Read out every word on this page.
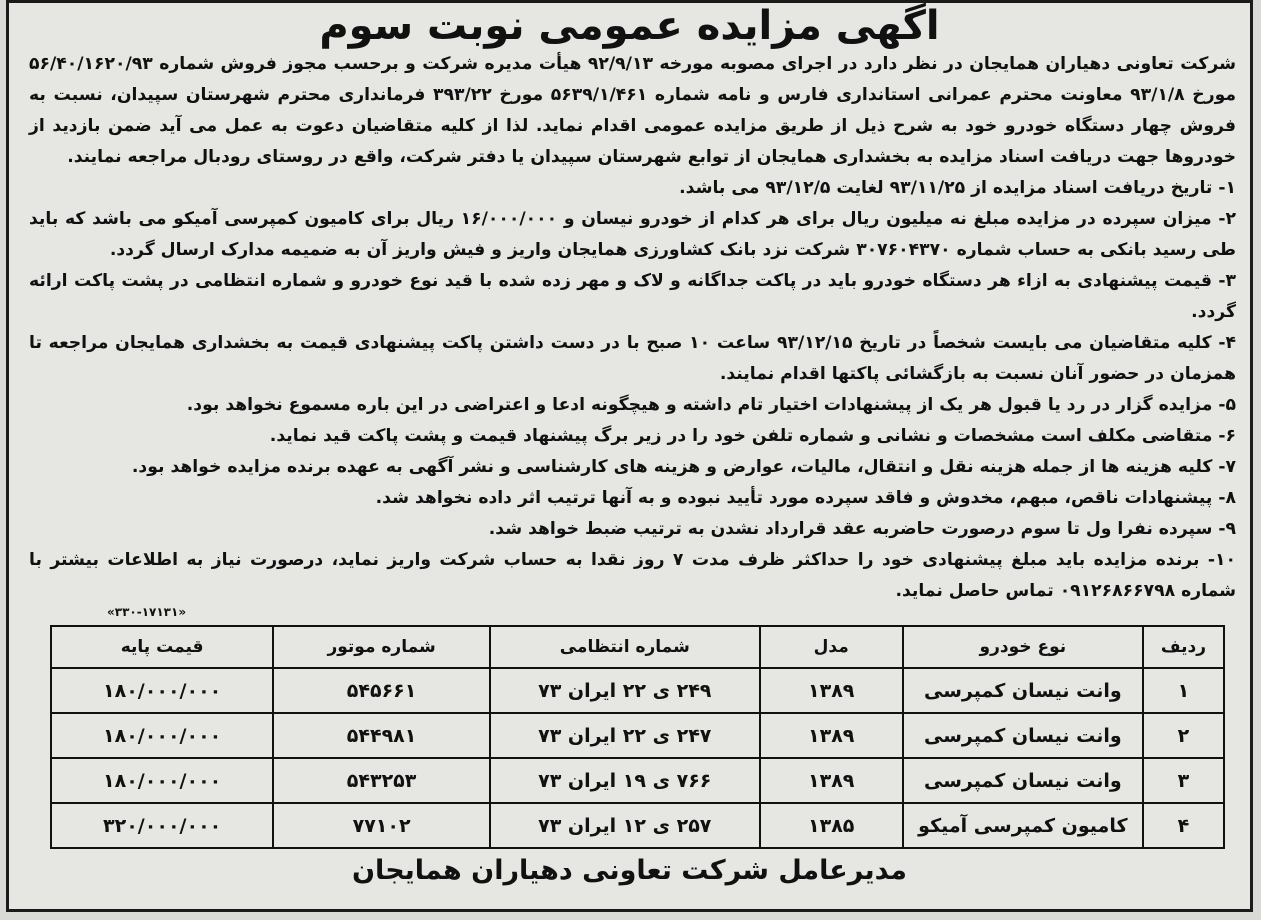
اگهی مزایده عمومی نوبت سوم

شرکت تعاونی دهیاران همایجان در نظر دارد در اجرای مصوبه مورخه ۹۲/۹/۱۳ هیأت مدیره شرکت و برحسب مجوز فروش شماره ۵۶/۴۰/۱۶۲۰/۹۳ مورخ ۹۳/۱/۸ معاونت محترم عمرانی استانداری فارس و نامه شماره ۵۶۳۹/۱/۴۶۱ مورخ ۳۹۳/۲۲ فرمانداری محترم شهرستان سپیدان، نسبت به فروش چهار دستگاه خودرو خود به شرح ذیل از طریق مزایده عمومی اقدام نماید. لذا از کلیه متقاضیان دعوت به عمل می آید ضمن بازدید از خودروها جهت دریافت اسناد مزایده به بخشداری همایجان از توابع شهرستان سپیدان یا دفتر شرکت، واقع در روستای رودبال مراجعه نمایند.

۱- تاریخ دریافت اسناد مزایده از ۹۳/۱۱/۲۵ لغایت ۹۳/۱۲/۵ می باشد.

۲- میزان سپرده در مزایده مبلغ نه میلیون ریال برای هر کدام از خودرو نیسان و ۱۶/۰۰۰/۰۰۰ ریال برای کامیون کمپرسی آمیکو می باشد که باید طی رسید بانکی به حساب شماره ۳۰۷۶۰۴۳۷۰ شرکت نزد بانک کشاورزی همایجان واریز و فیش واریز آن به ضمیمه مدارک ارسال گردد.

۳- قیمت پیشنهادی به ازاء هر دستگاه خودرو باید در پاکت جداگانه و لاک و مهر زده شده با قید نوع خودرو و شماره انتظامی در پشت پاکت ارائه گردد.

۴- کلیه متقاضیان می بایست شخصاً در تاریخ ۹۳/۱۲/۱۵ ساعت ۱۰ صبح با در دست داشتن پاکت پیشنهادی قیمت به بخشداری همایجان مراجعه تا همزمان در حضور آنان نسبت به بازگشائی پاکتها اقدام نمایند.

۵- مزایده گزار در رد یا قبول هر یک از پیشنهادات اختیار تام داشته و هیچگونه ادعا و اعتراضی در این باره مسموع نخواهد بود.

۶- متقاضی مکلف است مشخصات و نشانی و شماره تلفن خود را در زیر برگ پیشنهاد قیمت و پشت پاکت قید نماید.

۷- کلیه هزینه ها از جمله هزینه نقل و انتقال، مالیات، عوارض و هزینه های کارشناسی و نشر آگهی به عهده برنده مزایده خواهد بود.

۸- پیشنهادات ناقص، مبهم، مخدوش و فاقد سپرده مورد تأیید نبوده و به آنها ترتیب اثر داده نخواهد شد.

۹- سپرده نفرا ول تا سوم درصورت حاضربه عقد قرارداد نشدن به ترتیب ضبط خواهد شد.

۱۰- برنده مزایده باید مبلغ پیشنهادی خود را حداکثر ظرف مدت ۷ روز نقدا به حساب شرکت واریز نماید، درصورت نیاز به اطلاعات بیشتر با شماره ۰۹۱۲۶۸۶۶۷۹۸ تماس حاصل نماید.

«۳۳۰-۱۷۱۳۱»
ردیف	نوع خودرو	مدل	شماره انتظامی	شماره موتور	قیمت پایه
۱	وانت نیسان کمپرسی	۱۳۸۹	۲۴۹ ی ۲۲ ایران ۷۳	۵۴۵۶۶۱	۱۸۰/۰۰۰/۰۰۰
۲	وانت نیسان کمپرسی	۱۳۸۹	۲۴۷ ی ۲۲ ایران ۷۳	۵۴۴۹۸۱	۱۸۰/۰۰۰/۰۰۰
۳	وانت نیسان کمپرسی	۱۳۸۹	۷۶۶ ی ۱۹ ایران ۷۳	۵۴۳۲۵۳	۱۸۰/۰۰۰/۰۰۰
۴	کامیون کمپرسی آمیکو	۱۳۸۵	۲۵۷ ی ۱۲ ایران ۷۳	۷۷۱۰۲	۳۲۰/۰۰۰/۰۰۰
مدیرعامل شرکت تعاونی دهیاران همایجان
